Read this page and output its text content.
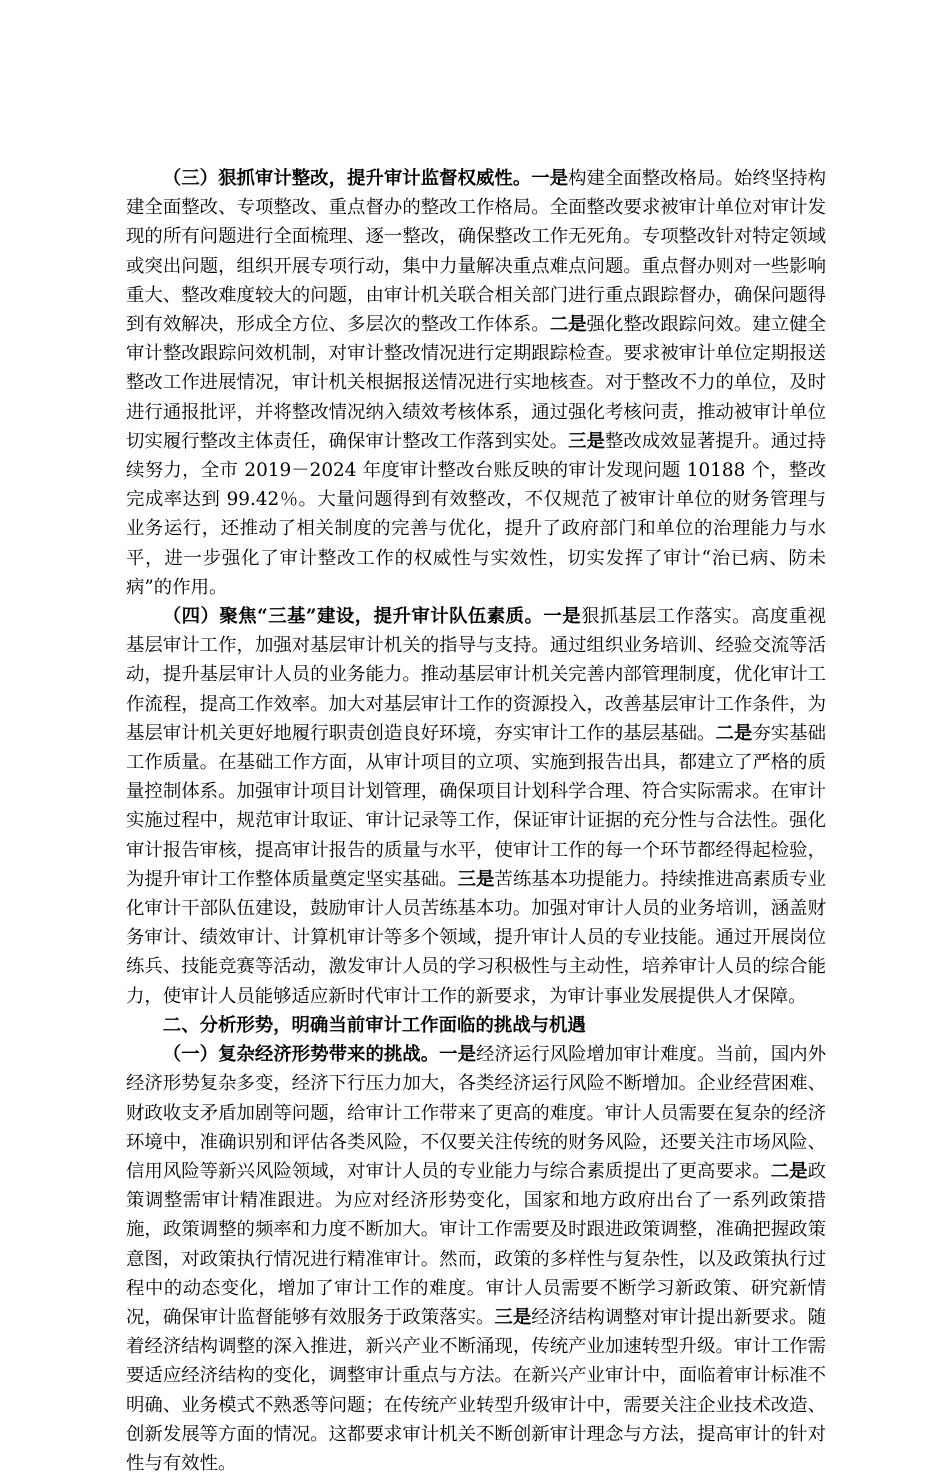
（三）狠抓审计整改，提升审计监督权威性。一是构建全面整改格局。始终坚持构建全面整改、专项整改、重点督办的整改工作格局。全面整改要求被审计单位对审计发现的所有问题进行全面梳理、逐一整改，确保整改工作无死角。专项整改针对特定领域或突出问题，组织开展专项行动，集中力量解决重点难点问题。重点督办则对一些影响重大、整改难度较大的问题，由审计机关联合相关部门进行重点跟踪督办，确保问题得到有效解决，形成全方位、多层次的整改工作体系。二是强化整改跟踪问效。建立健全审计整改跟踪问效机制，对审计整改情况进行定期跟踪检查。要求被审计单位定期报送整改工作进展情况，审计机关根据报送情况进行实地核查。对于整改不力的单位，及时进行通报批评，并将整改情况纳入绩效考核体系，通过强化考核问责，推动被审计单位切实履行整改主体责任，确保审计整改工作落到实处。三是整改成效显著提升。通过持续努力，全市 2019－2024 年度审计整改台账反映的审计发现问题 10188 个，整改完成率达到 99.42％。大量问题得到有效整改，不仅规范了被审计单位的财务管理与业务运行，还推动了相关制度的完善与优化，提升了政府部门和单位的治理能力与水平，进一步强化了审计整改工作的权威性与实效性，切实发挥了审计“治已病、防未病”的作用。

（四）聚焦“三基”建设，提升审计队伍素质。一是狠抓基层工作落实。高度重视基层审计工作，加强对基层审计机关的指导与支持。通过组织业务培训、经验交流等活动，提升基层审计人员的业务能力。推动基层审计机关完善内部管理制度，优化审计工作流程，提高工作效率。加大对基层审计工作的资源投入，改善基层审计工作条件，为基层审计机关更好地履行职责创造良好环境，夯实审计工作的基层基础。二是夯实基础工作质量。在基础工作方面，从审计项目的立项、实施到报告出具，都建立了严格的质量控制体系。加强审计项目计划管理，确保项目计划科学合理、符合实际需求。在审计实施过程中，规范审计取证、审计记录等工作，保证审计证据的充分性与合法性。强化审计报告审核，提高审计报告的质量与水平，使审计工作的每一个环节都经得起检验，为提升审计工作整体质量奠定坚实基础。三是苦练基本功提能力。持续推进高素质专业化审计干部队伍建设，鼓励审计人员苦练基本功。加强对审计人员的业务培训，涵盖财务审计、绩效审计、计算机审计等多个领域，提升审计人员的专业技能。通过开展岗位练兵、技能竞赛等活动，激发审计人员的学习积极性与主动性，培养审计人员的综合能力，使审计人员能够适应新时代审计工作的新要求，为审计事业发展提供人才保障。

二、分析形势，明确当前审计工作面临的挑战与机遇

（一）复杂经济形势带来的挑战。一是经济运行风险增加审计难度。当前，国内外经济形势复杂多变，经济下行压力加大，各类经济运行风险不断增加。企业经营困难、财政收支矛盾加剧等问题，给审计工作带来了更高的难度。审计人员需要在复杂的经济环境中，准确识别和评估各类风险，不仅要关注传统的财务风险，还要关注市场风险、信用风险等新兴风险领域，对审计人员的专业能力与综合素质提出了更高要求。二是政策调整需审计精准跟进。为应对经济形势变化，国家和地方政府出台了一系列政策措施，政策调整的频率和力度不断加大。审计工作需要及时跟进政策调整，准确把握政策意图，对政策执行情况进行精准审计。然而，政策的多样性与复杂性，以及政策执行过程中的动态变化，增加了审计工作的难度。审计人员需要不断学习新政策、研究新情况，确保审计监督能够有效服务于政策落实。三是经济结构调整对审计提出新要求。随着经济结构调整的深入推进，新兴产业不断涌现，传统产业加速转型升级。审计工作需要适应经济结构的变化，调整审计重点与方法。在新兴产业审计中，面临着审计标准不明确、业务模式不熟悉等问题；在传统产业转型升级审计中，需要关注企业技术改造、创新发展等方面的情况。这都要求审计机关不断创新审计理念与方法，提高审计的针对性与有效性。
